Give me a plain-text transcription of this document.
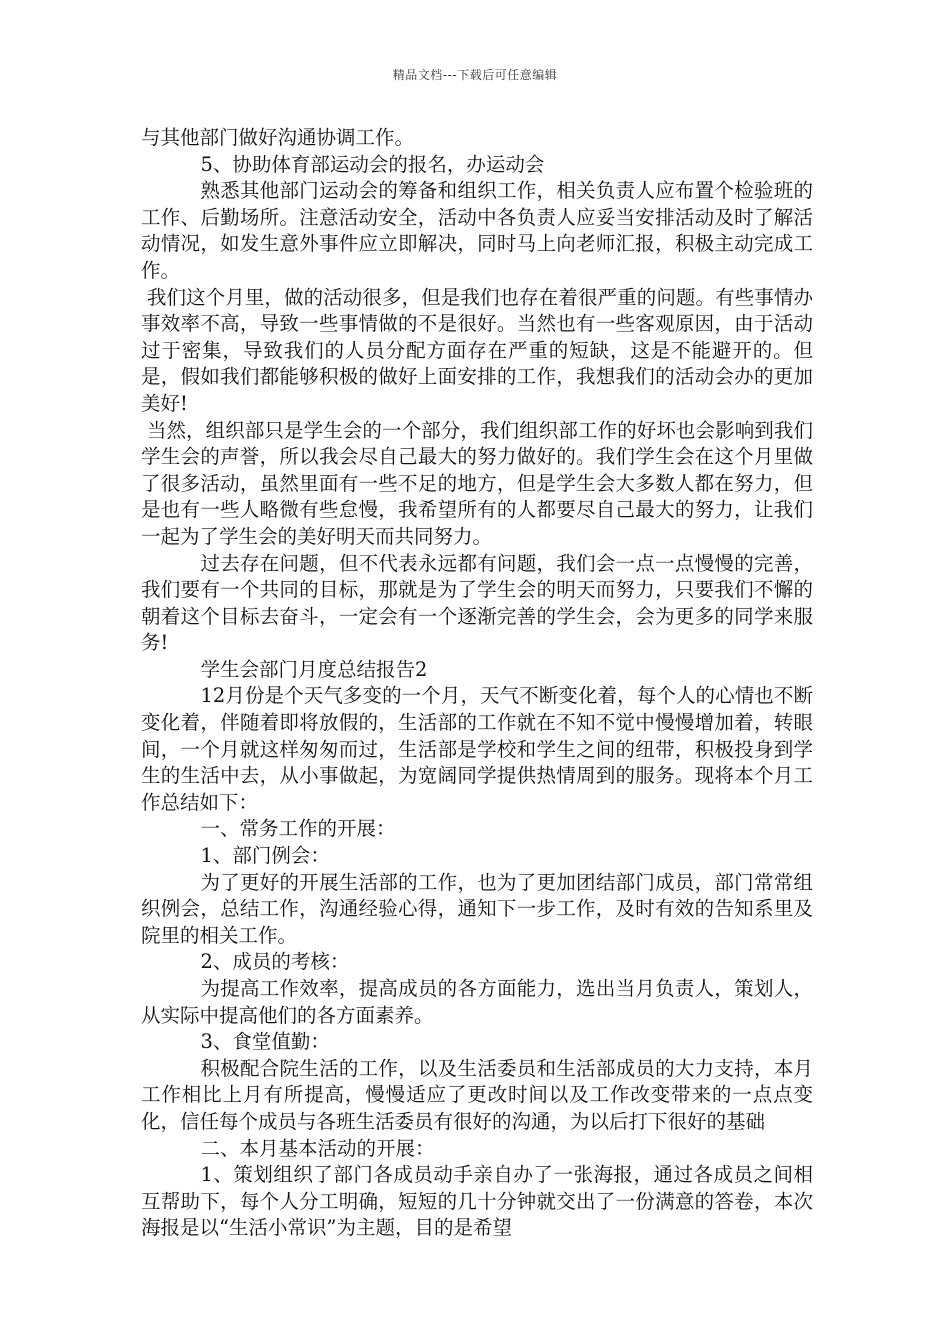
精品文档---下载后可任意编辑

与其他部门做好沟通协调工作。

5、协助体育部运动会的报名，办运动会

熟悉其他部门运动会的筹备和组织工作，相关负责人应布置个检验班的工作、后勤场所。注意活动安全，活动中各负责人应妥当安排活动及时了解活动情况，如发生意外事件应立即解决，同时马上向老师汇报，积极主动完成工作。

我们这个月里，做的活动很多，但是我们也存在着很严重的问题。有些事情办事效率不高，导致一些事情做的不是很好。当然也有一些客观原因，由于活动过于密集，导致我们的人员分配方面存在严重的短缺，这是不能避开的。但是，假如我们都能够积极的做好上面安排的工作，我想我们的活动会办的更加美好!

当然，组织部只是学生会的一个部分，我们组织部工作的好坏也会影响到我们学生会的声誉，所以我会尽自己最大的努力做好的。我们学生会在这个月里做了很多活动，虽然里面有一些不足的地方，但是学生会大多数人都在努力，但是也有一些人略微有些怠慢，我希望所有的人都要尽自己最大的努力，让我们一起为了学生会的美好明天而共同努力。

过去存在问题，但不代表永远都有问题，我们会一点一点慢慢的完善，我们要有一个共同的目标，那就是为了学生会的明天而努力，只要我们不懈的朝着这个目标去奋斗，一定会有一个逐渐完善的学生会，会为更多的同学来服务!

学生会部门月度总结报告2

12月份是个天气多变的一个月，天气不断变化着，每个人的心情也不断变化着，伴随着即将放假的，生活部的工作就在不知不觉中慢慢增加着，转眼间，一个月就这样匆匆而过，生活部是学校和学生之间的纽带，积极投身到学生的生活中去，从小事做起，为宽阔同学提供热情周到的服务。现将本个月工作总结如下：

一、常务工作的开展：

1、部门例会：

为了更好的开展生活部的工作，也为了更加团结部门成员，部门常常组织例会，总结工作，沟通经验心得，通知下一步工作，及时有效的告知系里及院里的相关工作。

2、成员的考核：

为提高工作效率，提高成员的各方面能力，选出当月负责人，策划人，从实际中提高他们的各方面素养。

3、食堂值勤：

积极配合院生活的工作，以及生活委员和生活部成员的大力支持，本月工作相比上月有所提高，慢慢适应了更改时间以及工作改变带来的一点点变化，信任每个成员与各班生活委员有很好的沟通，为以后打下很好的基础

二、本月基本活动的开展：

1、策划组织了部门各成员动手亲自办了一张海报，通过各成员之间相互帮助下，每个人分工明确，短短的几十分钟就交出了一份满意的答卷，本次海报是以“生活小常识”为主题，目的是希望
